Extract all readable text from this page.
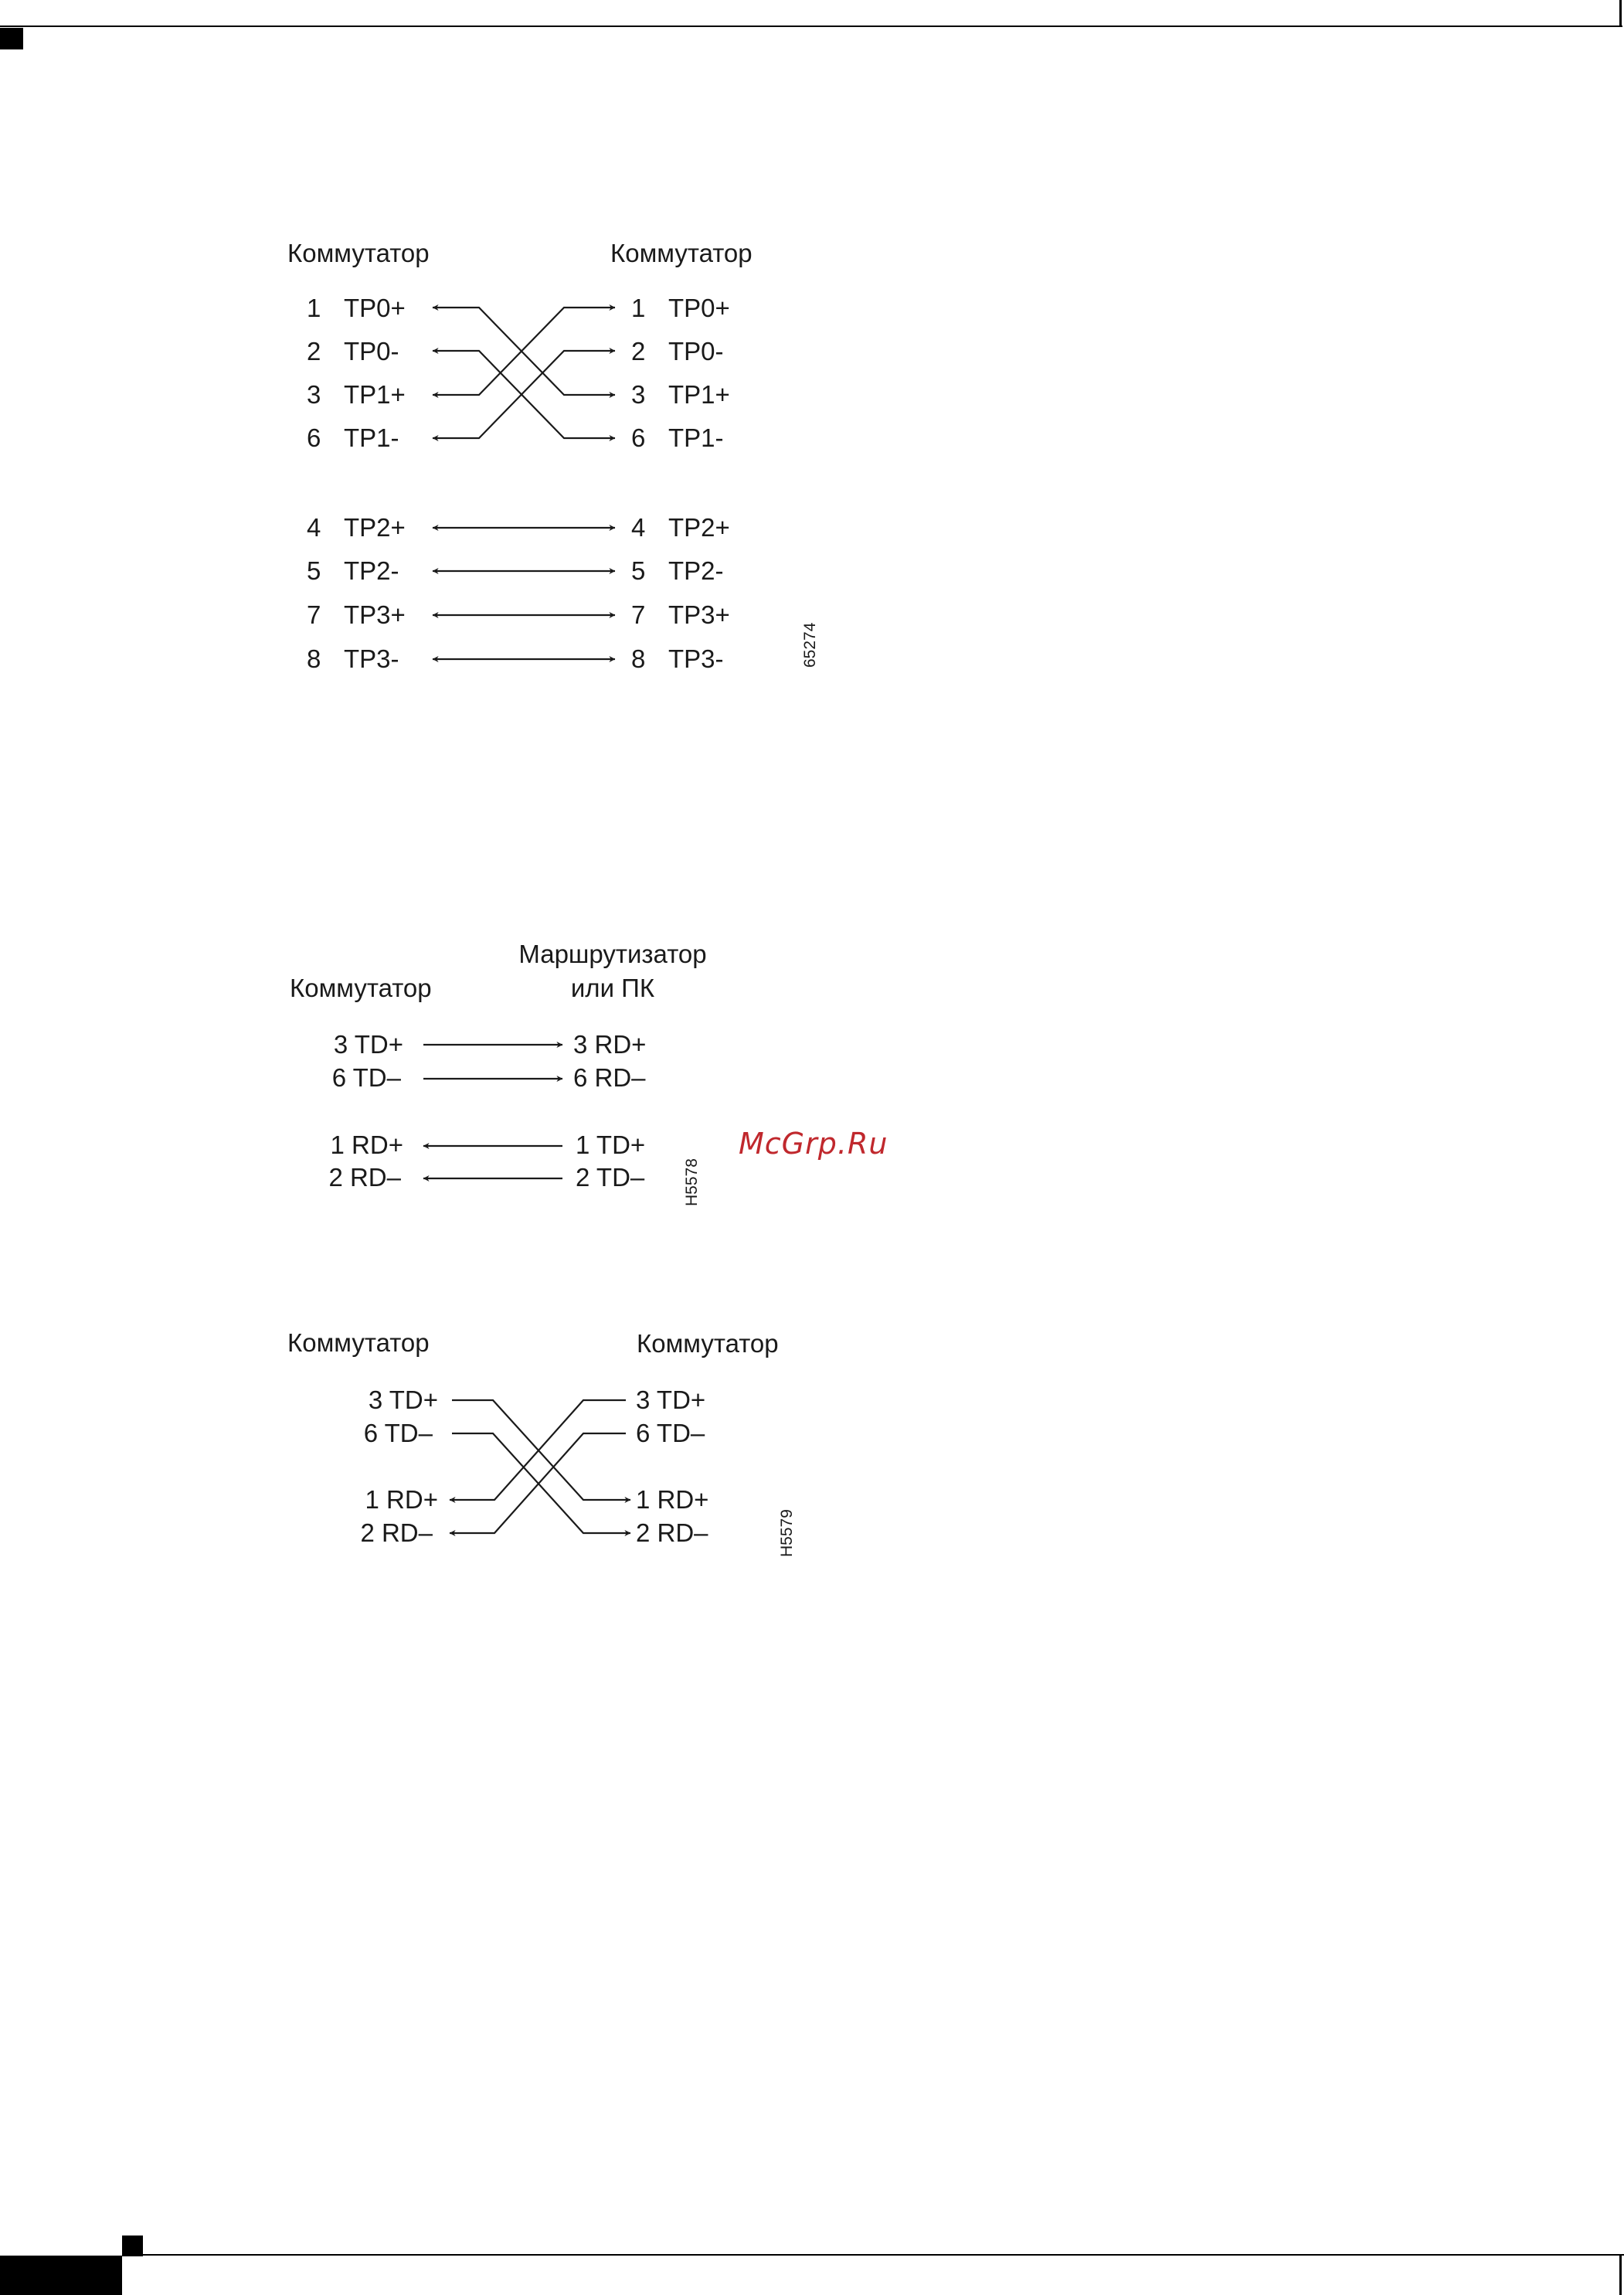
Коммутатор	Коммутатор
1 TP0+
2 TP0-
3 TP1+
6 TP1-
4 TP2+
5 TP2-
7 TP3+
8 TP3-
1 TP0+
2 TP0-
3 TP1+
6 TP1-
4 TP2+
5 TP2-
7 TP3+
8 TP3-	65274
Коммутатор
Маршрутизатор
или ПК
3 TD+
6 TD–
1 RD+
2 RD–
3 RD+
6 RD–
1 TD+
2 TD– H5578
Коммутатор	Коммутатор
3 TD+
6 TD–
1 RD+
2 RD–
3 TD+
6 TD–
1 RD+
2 RD–	H5579
McGrp.Ru
